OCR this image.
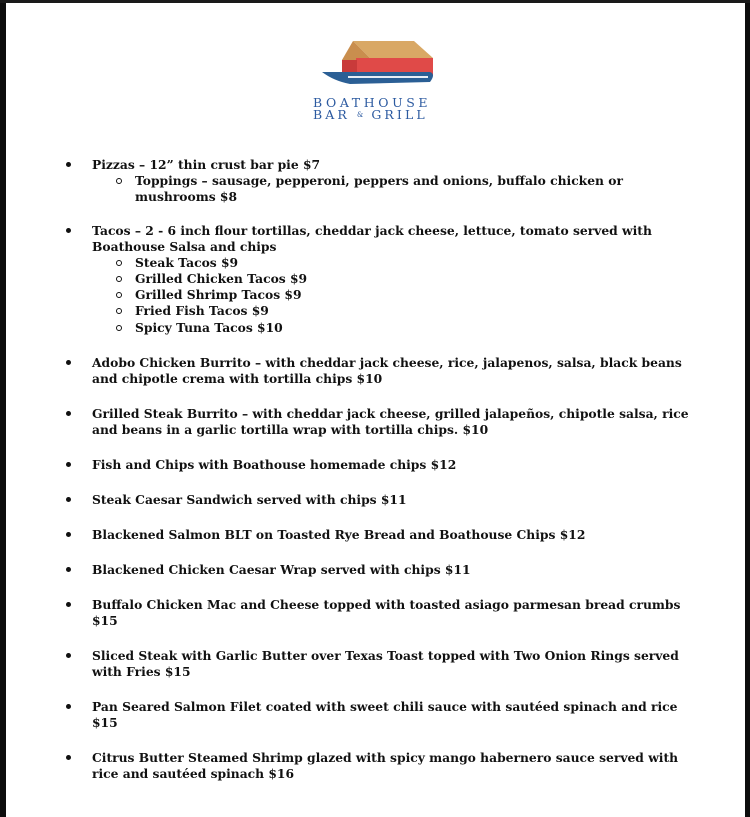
BOATHOUSE
BAR & GRILL
Pizzas – 12” thin crust bar pie $7
Toppings – sausage, pepperoni, peppers and onions, buffalo chicken or mushrooms $8
Tacos – 2 - 6 inch flour tortillas, cheddar jack cheese, lettuce, tomato served with Boathouse Salsa and chips
Steak Tacos $9
Grilled Chicken Tacos $9
Grilled Shrimp Tacos $9
Fried Fish Tacos $9
Spicy Tuna Tacos $10
Adobo Chicken Burrito – with cheddar jack cheese, rice, jalapenos, salsa, black beans and chipotle crema with tortilla chips $10
Grilled Steak Burrito – with cheddar jack cheese, grilled jalapeños, chipotle salsa, rice and beans in a garlic tortilla wrap with tortilla chips. $10
Fish and Chips with Boathouse homemade chips $12
Steak Caesar Sandwich served with chips $11
Blackened Salmon BLT on Toasted Rye Bread and Boathouse Chips $12
Blackened Chicken Caesar Wrap served with chips $11
Buffalo Chicken Mac and Cheese topped with toasted asiago parmesan bread crumbs $15
Sliced Steak with Garlic Butter over Texas Toast topped with Two Onion Rings served with Fries $15
Pan Seared Salmon Filet coated with sweet chili sauce with sautéed spinach and rice $15
Citrus Butter Steamed Shrimp glazed with spicy mango habernero sauce served with rice and sautéed spinach $16
